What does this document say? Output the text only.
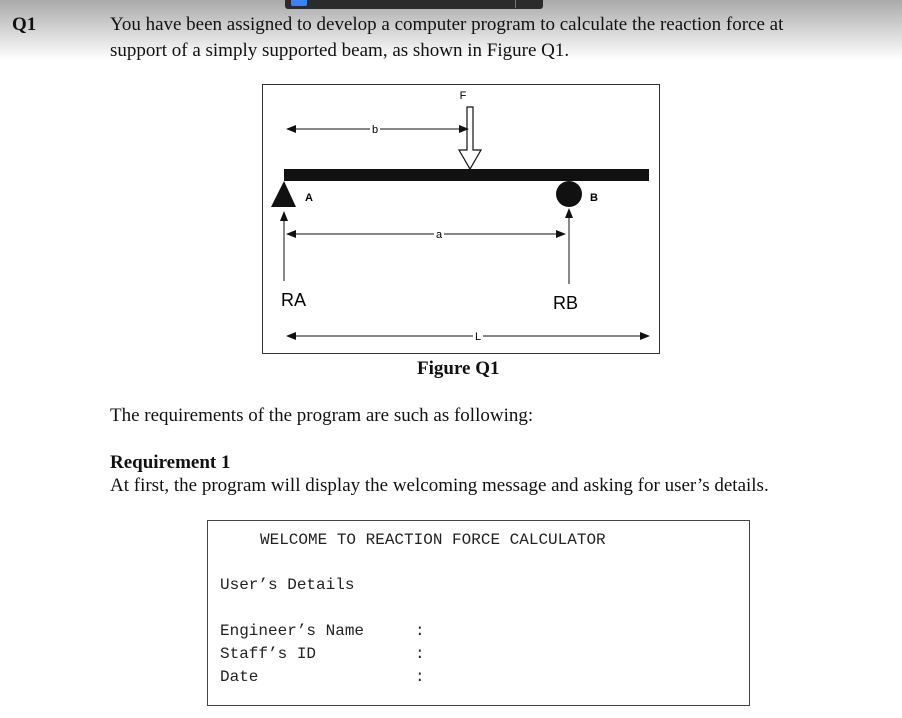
Q1	You have been assigned to develop a computer program to calculate the reaction force at
support of a simply supported beam, as shown in Figure Q1.
F
b
A	B
a
RA	RB
L
Figure Q1
The requirements of the program are such as following:
Requirement 1
At first, the program will display the welcoming message and asking for user’s details.
WELCOME TO REACTION FORCE CALCULATOR
User’s Details
Engineer’s Name	:
Staff’s ID	:
Date	:
